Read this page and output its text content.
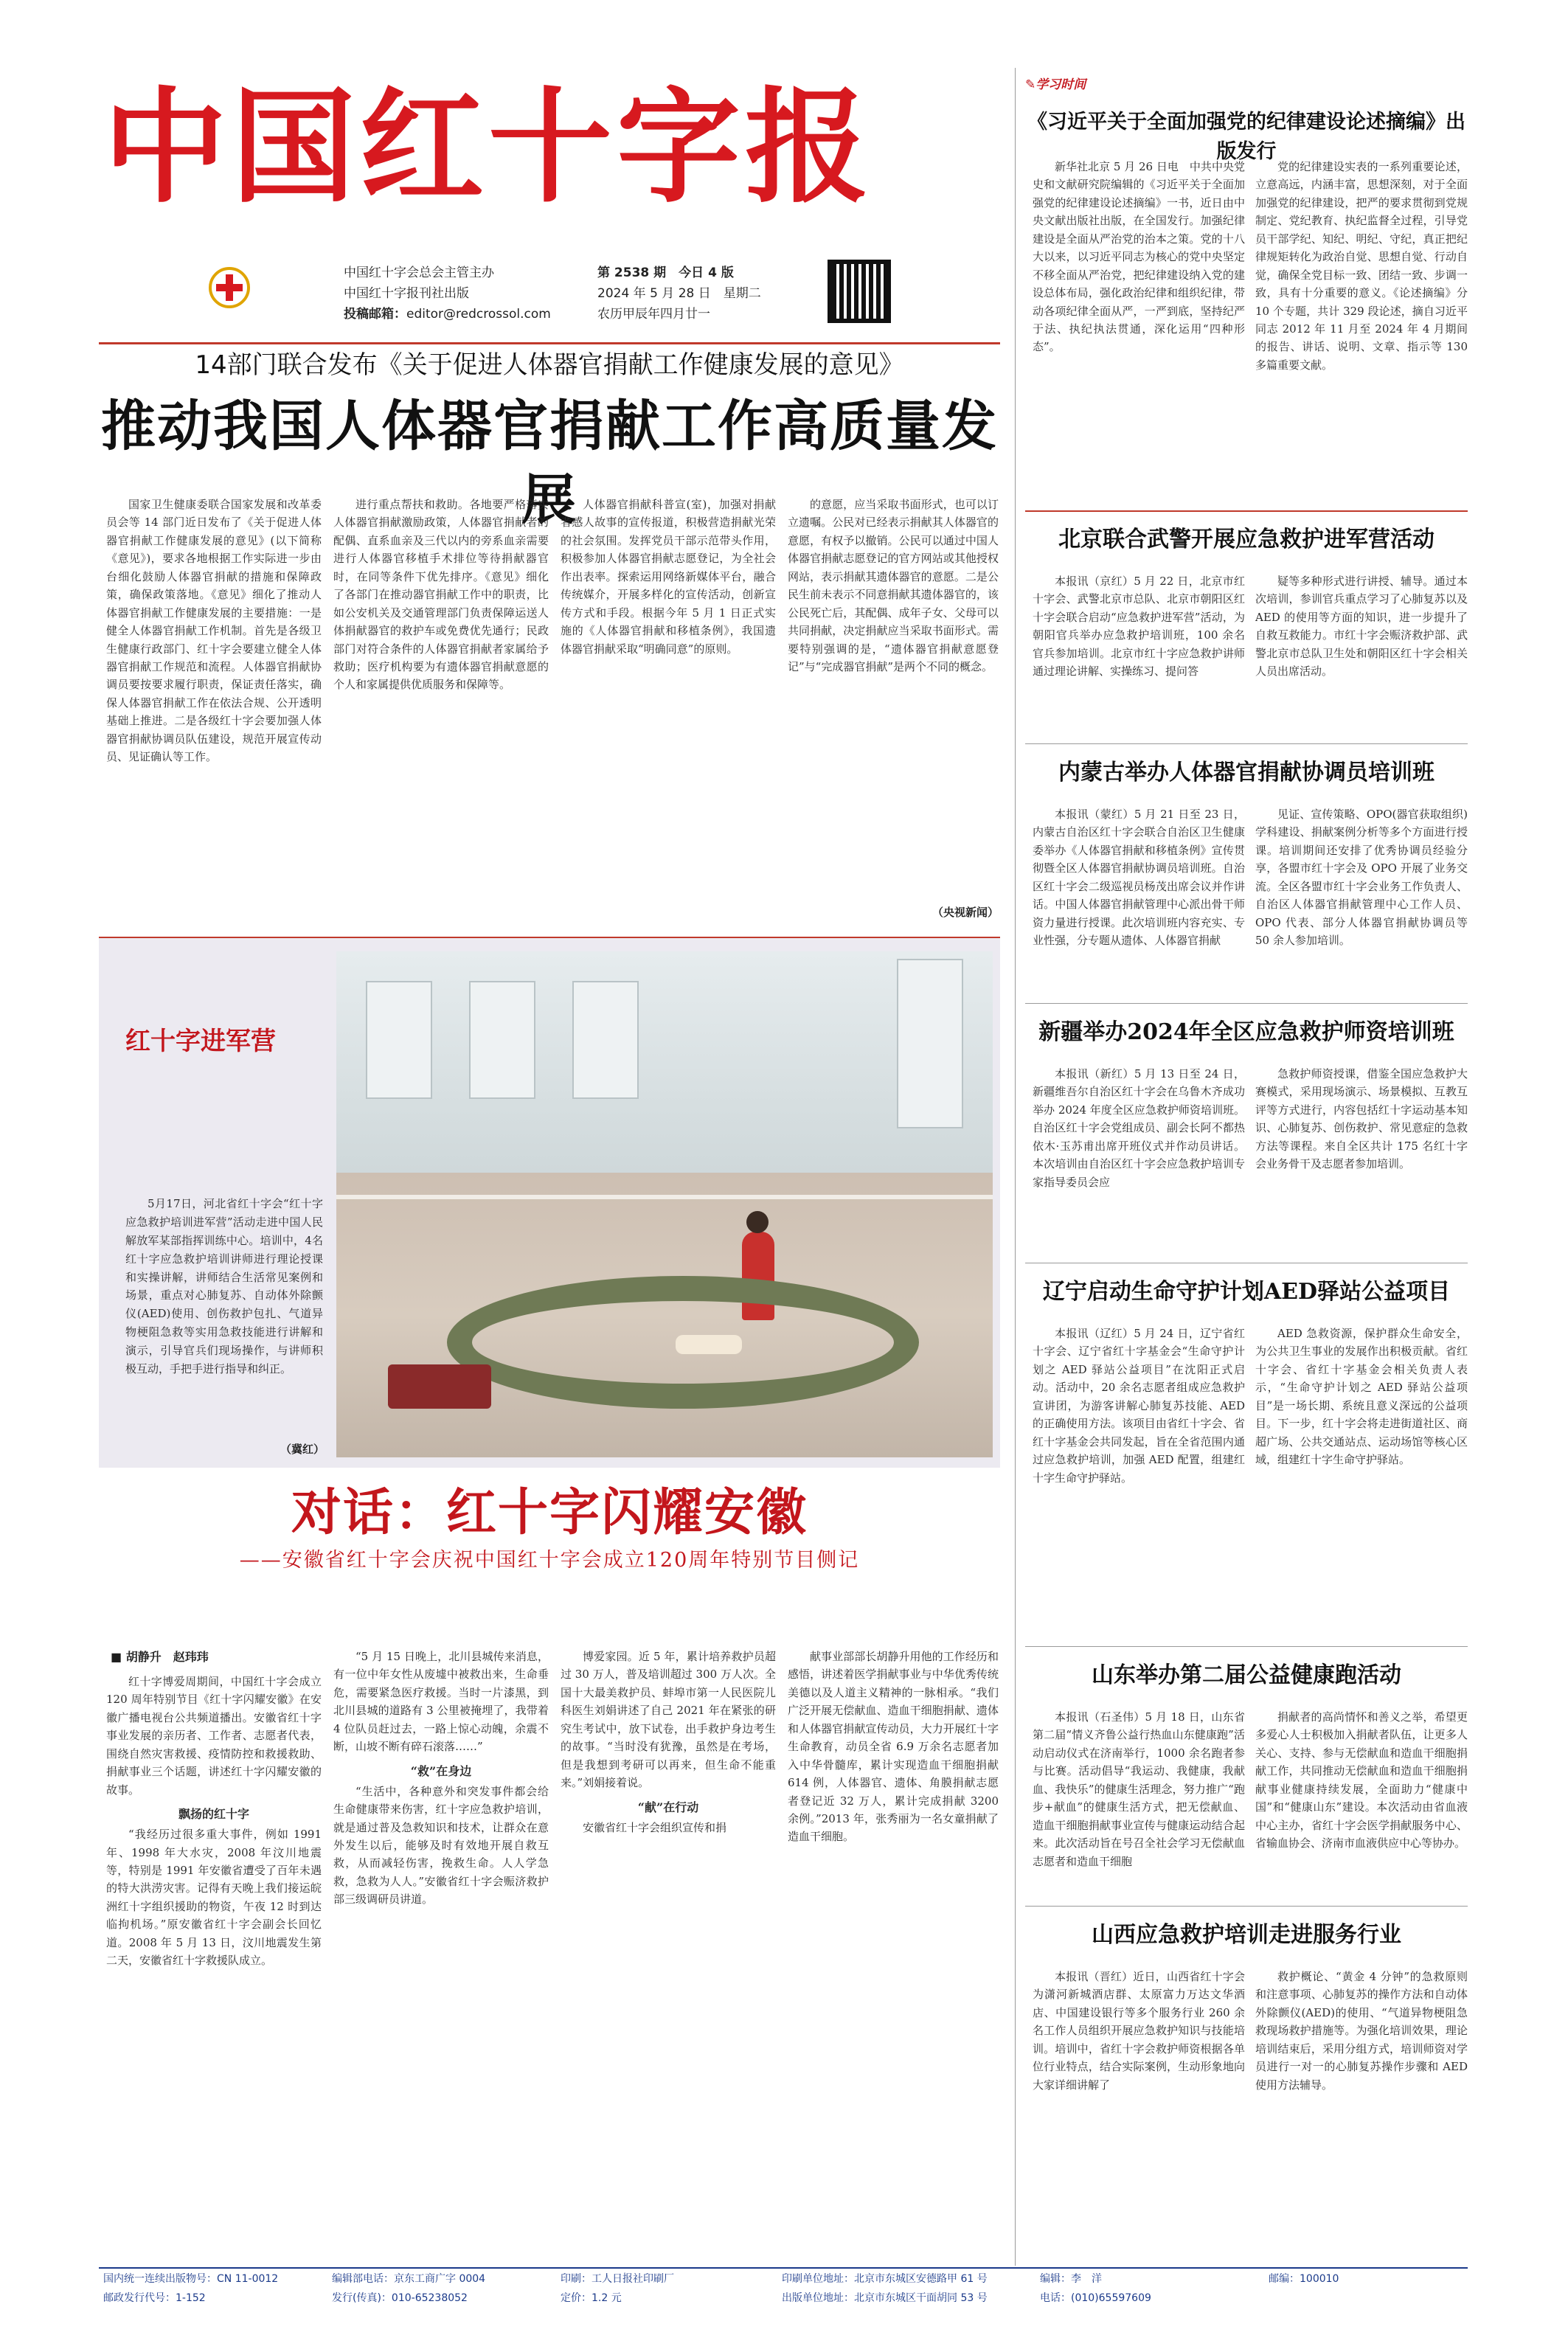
中国红十字报
中国红十字会总会主管主办
中国红十字报刊社出版
投稿邮箱：editor@redcrossol.com
第 2538 期　今日 4 版
2024 年 5 月 28 日　星期二
农历甲辰年四月廿一
14部门联合发布《关于促进人体器官捐献工作健康发展的意见》
推动我国人体器官捐献工作高质量发展

国家卫生健康委联合国家发展和改革委员会等 14 部门近日发布了《关于促进人体器官捐献工作健康发展的意见》(以下简称《意见》)，要求各地根据工作实际进一步由台细化鼓励人体器官捐献的措施和保障政策，确保政策落地。《意见》细化了推动人体器官捐献工作健康发展的主要措施：一是健全人体器官捐献工作机制。首先是各级卫生健康行政部门、红十字会要建立健全人体器官捐献工作规范和流程。人体器官捐献协调员要按要求履行职责，保证责任落实，确保人体器官捐献工作在依法合规、公开透明基础上推进。二是各级红十字会要加强人体器官捐献协调员队伍建设，规范开展宣传动员、见证确认等工作。

进行重点帮扶和救助。各地要严格落实人体器官捐献激励政策，人体器官捐献者的配偶、直系血亲及三代以内的旁系血亲需要进行人体器官移植手术排位等待捐献器官时，在同等条件下优先排序。《意见》细化了各部门在推动器官捐献工作中的职责，比如公安机关及交通管理部门负责保障运送人体捐献器官的救护车或免费优先通行；民政部门对符合条件的人体器官捐献者家属给予救助；医疗机构要为有遗体器官捐献意愿的个人和家属提供优质服务和保障等。

人体器官捐献科普宣(室)，加强对捐献者感人故事的宣传报道，积极营造捐献光荣的社会氛围。发挥党员干部示范带头作用，积极参加人体器官捐献志愿登记，为全社会作出表率。探索运用网络新媒体平台，融合传统媒介，开展多样化的宣传活动，创新宣传方式和手段。根据今年 5 月 1 日正式实施的《人体器官捐献和移植条例》，我国遗体器官捐献采取“明确同意”的原则。

的意愿，应当采取书面形式，也可以订立遗嘱。公民对已经表示捐献其人体器官的意愿，有权予以撤销。公民可以通过中国人体器官捐献志愿登记的官方网站或其他授权网站，表示捐献其遗体器官的意愿。二是公民生前未表示不同意捐献其遗体器官的，该公民死亡后，其配偶、成年子女、父母可以共同捐献，决定捐献应当采取书面形式。需要特别强调的是，“遗体器官捐献意愿登记”与“完成器官捐献”是两个不同的概念。

（央视新闻）
红十字进军营

5月17日，河北省红十字会“红十字应急救护培训进军营”活动走进中国人民解放军某部指挥训练中心。培训中，4名红十字应急救护培训讲师进行理论授课和实操讲解，讲师结合生活常见案例和场景，重点对心肺复苏、自动体外除颤仪(AED)使用、创伤救护包扎、气道异物梗阻急救等实用急救技能进行讲解和演示，引导官兵们现场操作，与讲师积极互动，手把手进行指导和纠正。

（冀红）
对话：红十字闪耀安徽
——安徽省红十字会庆祝中国红十字会成立120周年特别节目侧记
■ 胡静升　赵玮玮

红十字博爱周期间，中国红十字会成立 120 周年特别节目《红十字闪耀安徽》在安徽广播电视台公共频道播出。安徽省红十字事业发展的亲历者、工作者、志愿者代表，围绕自然灾害救援、疫情防控和救援救助、捐献事业三个话题，讲述红十字闪耀安徽的故事。

飘扬的红十字

“我经历过很多重大事件，例如 1991 年、1998 年大水灾，2008 年汶川地震等，特别是 1991 年安徽省遭受了百年未遇的特大洪涝灾害。记得有天晚上我们接运皖洲红十字组织援助的物资，午夜 12 时到达临拘机场。”原安徽省红十字会副会长回忆道。2008 年 5 月 13 日，汶川地震发生第二天，安徽省红十字救援队成立。

“5 月 15 日晚上，北川县城传来消息，有一位中年女性从废墟中被救出来，生命垂危，需要紧急医疗救援。当时一片漆黑，到北川县城的道路有 3 公里被掩埋了，我带着 4 位队员赶过去，一路上惊心动魄，余震不断，山坡不断有碎石滚落……”

“救”在身边

“生活中，各种意外和突发事件都会给生命健康带来伤害，红十字应急救护培训，就是通过普及急救知识和技术，让群众在意外发生以后，能够及时有效地开展自救互救，从而减轻伤害，挽救生命。人人学急救，急救为人人。”安徽省红十字会赈济救护部三级调研员讲道。

博爱家园。近 5 年，累计培养救护员超过 30 万人，普及培训超过 300 万人次。全国十大最美救护员、蚌埠市第一人民医院儿科医生刘娟讲述了自己 2021 年在紧张的研究生考试中，放下试卷，出手救护身边考生的故事。“当时没有犹豫，虽然是在考场，但是我想到考研可以再来，但生命不能重来。”刘娟接着说。

“献”在行动

安徽省红十字会组织宣传和捐

献事业部部长胡静升用他的工作经历和感悟，讲述着医学捐献事业与中华优秀传统美德以及人道主义精神的一脉相承。“我们广泛开展无偿献血、造血干细胞捐献、遗体和人体器官捐献宣传动员，大力开展红十字生命教育，动员全省 6.9 万余名志愿者加入中华骨髓库，累计实现造血干细胞捐献 614 例，人体器官、遗体、角膜捐献志愿者登记近 32 万人，累计完成捐献 3200 余例。”2013 年，张秀丽为一名女童捐献了造血干细胞。

✎学习时间
《习近平关于全面加强党的纪律建设论述摘编》出版发行

新华社北京 5 月 26 日电　中共中央党史和文献研究院编辑的《习近平关于全面加强党的纪律建设论述摘编》一书，近日由中央文献出版社出版，在全国发行。加强纪律建设是全面从严治党的治本之策。党的十八大以来，以习近平同志为核心的党中央坚定不移全面从严治党，把纪律建设纳入党的建设总体布局，强化政治纪律和组织纪律，带动各项纪律全面从严，一严到底，坚持纪严于法、执纪执法贯通，深化运用“四种形态”。

党的纪律建设实表的一系列重要论述，立意高远，内涵丰富，思想深刻，对于全面加强党的纪律建设，把严的要求贯彻到党规制定、党纪教育、执纪监督全过程，引导党员干部学纪、知纪、明纪、守纪，真正把纪律规矩转化为政治自觉、思想自觉、行动自觉，确保全党目标一致、团结一致、步调一致，具有十分重要的意义。《论述摘编》分 10 个专题，共计 329 段论述，摘自习近平同志 2012 年 11 月至 2024 年 4 月期间的报告、讲话、说明、文章、指示等 130 多篇重要文献。

北京联合武警开展应急救护进军营活动

本报讯（京红）5 月 22 日，北京市红十字会、武警北京市总队、北京市朝阳区红十字会联合启动“应急救护进军营”活动，为朝阳官兵举办应急救护培训班，100 余名官兵参加培训。北京市红十字应急救护讲师通过理论讲解、实操练习、提问答

疑等多种形式进行讲授、辅导。通过本次培训，参训官兵重点学习了心肺复苏以及 AED 的使用等方面的知识，进一步提升了自救互救能力。市红十字会赈济救护部、武警北京市总队卫生处和朝阳区红十字会相关人员出席活动。

内蒙古举办人体器官捐献协调员培训班

本报讯（蒙红）5 月 21 日至 23 日，内蒙古自治区红十字会联合自治区卫生健康委举办《人体器官捐献和移植条例》宣传贯彻暨全区人体器官捐献协调员培训班。自治区红十字会二级巡视员杨茂出席会议并作讲话。中国人体器官捐献管理中心派出骨干师资力量进行授课。此次培训班内容充实、专业性强，分专题从遗体、人体器官捐献

见证、宣传策略、OPO(器官获取组织)学科建设、捐献案例分析等多个方面进行授课。培训期间还安排了优秀协调员经验分享，各盟市红十字会及 OPO 开展了业务交流。全区各盟市红十字会业务工作负责人、自治区人体器官捐献管理中心工作人员、OPO 代表、部分人体器官捐献协调员等 50 余人参加培训。

新疆举办2024年全区应急救护师资培训班

本报讯（新红）5 月 13 日至 24 日，新疆维吾尔自治区红十字会在乌鲁木齐成功举办 2024 年度全区应急救护师资培训班。自治区红十字会党组成员、副会长阿不都热依木·玉苏甫出席开班仪式并作动员讲话。本次培训由自治区红十字会应急救护培训专家指导委员会应

急救护师资授课，借鉴全国应急救护大赛模式，采用现场演示、场景模拟、互教互评等方式进行，内容包括红十字运动基本知识、心肺复苏、创伤救护、常见意症的急救方法等课程。来自全区共计 175 名红十字会业务骨干及志愿者参加培训。

辽宁启动生命守护计划AED驿站公益项目

本报讯（辽红）5 月 24 日，辽宁省红十字会、辽宁省红十字基金会“生命守护计划之 AED 驿站公益项目”在沈阳正式启动。活动中，20 余名志愿者组成应急救护宣讲团，为游客讲解心肺复苏技能、AED 的正确使用方法。该项目由省红十字会、省红十字基金会共同发起，旨在全省范围内通过应急救护培训，加强 AED 配置，组建红十字生命守护驿站。

AED 急救资源，保护群众生命安全，为公共卫生事业的发展作出积极贡献。省红十字会、省红十字基金会相关负责人表示，“生命守护计划之 AED 驿站公益项目”是一场长期、系统且意义深远的公益项目。下一步，红十字会将走进街道社区、商超广场、公共交通站点、运动场馆等核心区域，组建红十字生命守护驿站。

山东举办第二届公益健康跑活动

本报讯（石圣伟）5 月 18 日，山东省第二届“情义齐鲁公益行热血山东健康跑”活动启动仪式在济南举行，1000 余名跑者参与比赛。活动倡导“我运动、我健康，我献血、我快乐”的健康生活理念，努力推广“跑步+献血”的健康生活方式，把无偿献血、造血干细胞捐献事业宣传与健康运动结合起来。此次活动旨在号召全社会学习无偿献血志愿者和造血干细胞

捐献者的高尚情怀和善义之举，希望更多爱心人士积极加入捐献者队伍，让更多人关心、支持、参与无偿献血和造血干细胞捐献工作，共同推动无偿献血和造血干细胞捐献事业健康持续发展，全面助力“健康中国”和“健康山东”建设。本次活动由省血液中心主办，省红十字会医学捐献服务中心、省输血协会、济南市血液供应中心等协办。

山西应急救护培训走进服务行业

本报讯（晋红）近日，山西省红十字会为潇河新城酒店群、太原富力万达文华酒店、中国建设银行等多个服务行业 260 余名工作人员组织开展应急救护知识与技能培训。培训中，省红十字会救护师资根据各单位行业特点，结合实际案例，生动形象地向大家详细讲解了

救护概论、“黄金 4 分钟”的急救原则和注意事项、心肺复苏的操作方法和自动体外除颤仪(AED)的使用、“气道异物梗阻急救现场救护措施等。为强化培训效果，理论培训结束后，采用分组方式，培训师资对学员进行一对一的心肺复苏操作步骤和 AED 使用方法辅导。

国内统一连续出版物号：CN 11-0012	编辑部电话：京东工商广字 0004	印刷：工人日报社印刷厂	印刷单位地址：北京市东城区安德路甲 61 号	编辑：李　洋	邮编：100010
邮政发行代号：1-152	发行(传真)：010-65238052	定价：1.2 元	出版单位地址：北京市东城区干面胡同 53 号	电话：(010)65597609
